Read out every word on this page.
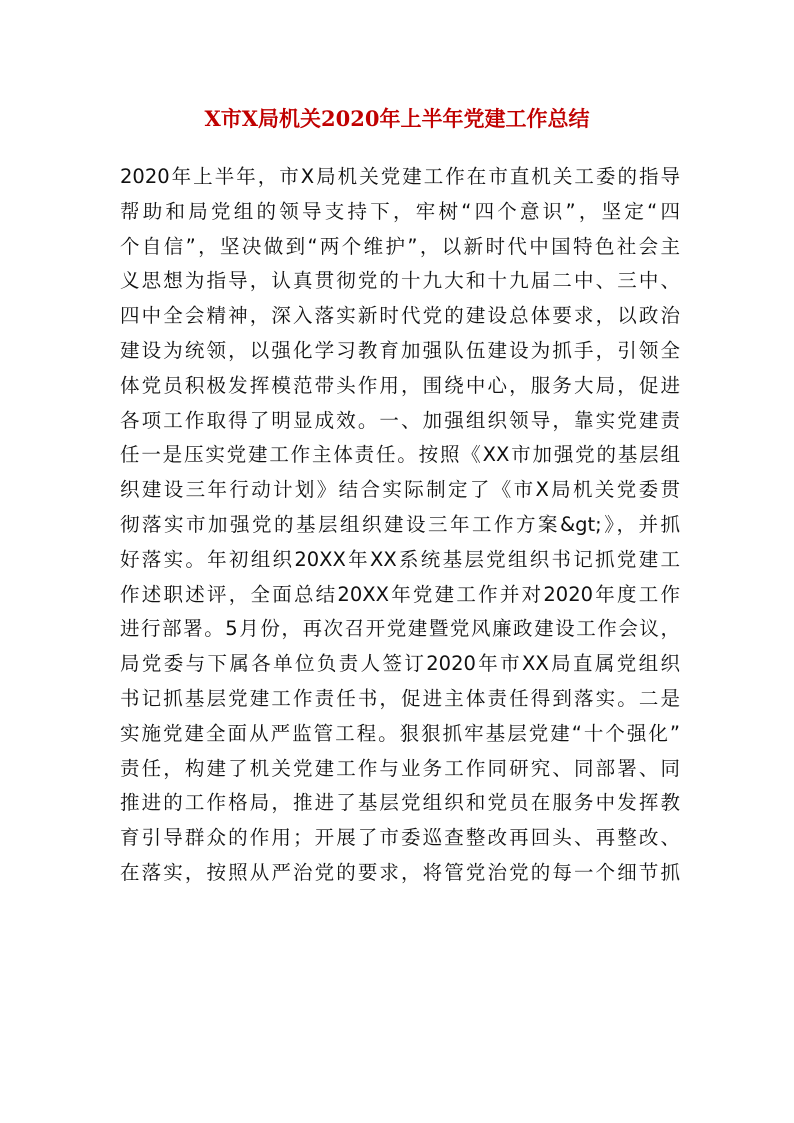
X市X局机关2020年上半年党建工作总结
2020年上半年，市X局机关党建工作在市直机关工委的指导
帮助和局党组的领导支持下，牢树“四个意识”，坚定“四
个自信”，坚决做到“两个维护”，以新时代中国特色社会主
义思想为指导，认真贯彻党的十九大和十九届二中、三中、
四中全会精神，深入落实新时代党的建设总体要求，以政治
建设为统领，以强化学习教育加强队伍建设为抓手，引领全
体党员积极发挥模范带头作用，围绕中心，服务大局，促进
各项工作取得了明显成效。一、加强组织领导，靠实党建责
任一是压实党建工作主体责任。按照《XX市加强党的基层组
织建设三年行动计划》结合实际制定了《市X局机关党委贯
彻落实市加强党的基层组织建设三年工作方案&gt;》，并抓
好落实。年初组织20XX年XX系统基层党组织书记抓党建工
作述职述评，全面总结20XX年党建工作并对2020年度工作
进行部署。5月份，再次召开党建暨党风廉政建设工作会议，
局党委与下属各单位负责人签订2020年市XX局直属党组织
书记抓基层党建工作责任书，促进主体责任得到落实。二是
实施党建全面从严监管工程。狠狠抓牢基层党建“十个强化”
责任，构建了机关党建工作与业务工作同研究、同部署、同
推进的工作格局，推进了基层党组织和党员在服务中发挥教
育引导群众的作用；开展了市委巡查整改再回头、再整改、
在落实，按照从严治党的要求，将管党治党的每一个细节抓
